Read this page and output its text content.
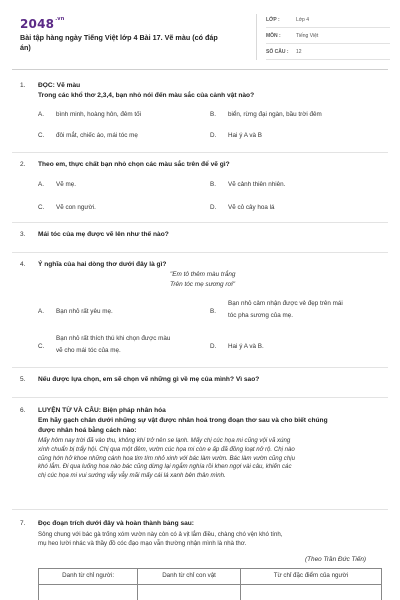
$2048^{.vn}$
Bài tập hàng ngày Tiếng Việt lớp 4 Bài 17. Vẽ màu (có đáp án)
LỚP :	Lớp 4
MÔN :	Tiếng Việt
SỐ CÂU : 12
1. ĐỌC: Vẽ màu
Trong các khổ thơ 2,3,4, bạn nhỏ nói đến màu sắc của cảnh vật nào?
A. bình minh, hoàng hôn, đêm tối	B. biển, rừng đại ngàn, bầu trời đêm
C. đôi mắt, chiếc áo, mái tóc mẹ	D. Hai ý A và B
2. Theo em, thực chất bạn nhỏ chọn các màu sắc trên để vẽ gì?
A. Vẽ mẹ.	B. Vẽ cảnh thiên nhiên.
C. Vẽ con người.	D. Vẽ cỏ cây hoa lá
3. Mái tóc của mẹ được vẽ lên như thế nào?
4. Ý nghĩa của hai dòng thơ dưới đây là gì?
"Em tô thêm màu trắng
Trên tóc mẹ sương rơi"
A. Bạn nhỏ rất yêu mẹ.	B.
Bạn nhỏ cảm nhận được vẻ đẹp trên mái
tóc pha sương của mẹ.
C.
Bạn nhỏ rất thích thú khi chọn được màu
vẽ cho mái tóc của mẹ.
D. Hai ý A và B.
5. Nếu được lựa chọn, em sẽ chọn vẽ những gì về mẹ của mình? Vì sao?
6. LUYỆN TỪ VÀ CÂU: Biện pháp nhân hóa
Em hãy gạch chân dưới những sự vật được nhân hoá trong đoạn thơ sau và cho biết chúng
được nhân hoá bằng cách nào:
Mấy hôm nay trời đã vào thu, không khí trở nên se lạnh. Mấy chị cúc họa mi cũng vội vã xúng
xính chuẩn bị trẩy hội. Chị qua một đêm, vườn cúc họa mi còn e ấp đã đồng loạt nở rộ. Chị nào
cũng hớn hở khoe những cánh hoa tim tím nhỏ xinh với bác làm vườn. Bác làm vườn cũng chịu
khó lắm. Đi qua luống hoa nào bác cũng dừng lại ngắm nghía rồi khen ngợi vài câu, khiến các
chị cúc họa mi vui sướng vẫy vẫy mãi mấy cái lá xanh bên thân mình.
7. Đọc đoạn trích dưới đây và hoàn thành bảng sau:
Sông chung với bác gà trống xóm vườn này còn có ả vịt lắm điều, chàng chó vện khó tính,
mụ heo lười nhác và thầy đồ cóc đạo mạo vẫn thường nhận mình là nhà thơ.
(Theo Trần Đức Tiến)
Danh từ chỉ người:	Danh từ chỉ con vật	Từ chỉ đặc điểm của người
